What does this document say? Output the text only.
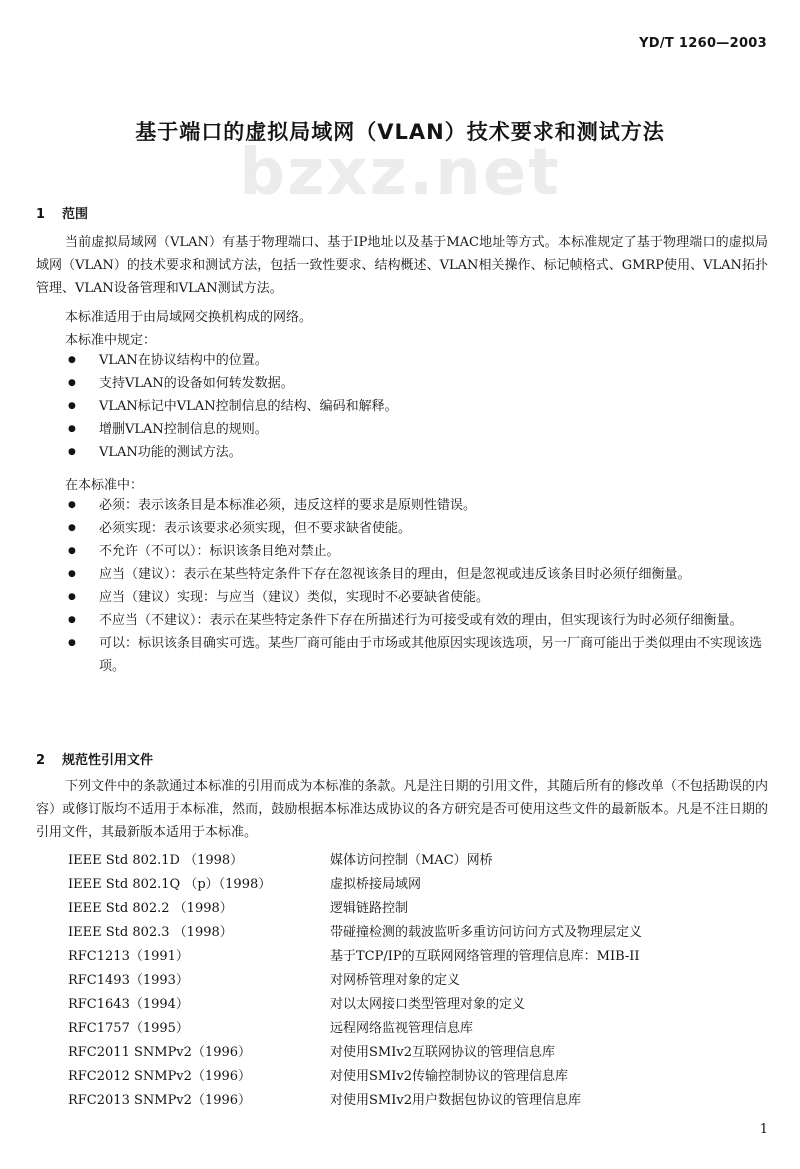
YD/T 1260—2003
bzxz.net
基于端口的虚拟局域网（VLAN）技术要求和测试方法
1 范围
当前虚拟局域网（VLAN）有基于物理端口、基于IP地址以及基于MAC地址等方式。本标准规定了基于物理端口的虚拟局域网（VLAN）的技术要求和测试方法，包括一致性要求、结构概述、VLAN相关操作、标记帧格式、GMRP使用、VLAN拓扑管理、VLAN设备管理和VLAN测试方法。
本标准适用于由局域网交换机构成的网络。
本标准中规定：
● VLAN在协议结构中的位置。
● 支持VLAN的设备如何转发数据。
● VLAN标记中VLAN控制信息的结构、编码和解释。
● 增删VLAN控制信息的规则。
● VLAN功能的测试方法。
在本标准中：
● 必须：表示该条目是本标准必须，违反这样的要求是原则性错误。
● 必须实现：表示该要求必须实现，但不要求缺省使能。
● 不允许（不可以）：标识该条目绝对禁止。
● 应当（建议）：表示在某些特定条件下存在忽视该条目的理由，但是忽视或违反该条目时必须仔细衡量。
● 应当（建议）实现：与应当（建议）类似，实现时不必要缺省使能。
● 不应当（不建议）：表示在某些特定条件下存在所描述行为可接受或有效的理由，但实现该行为时必须仔细衡量。
● 可以：标识该条目确实可选。某些厂商可能由于市场或其他原因实现该选项，另一厂商可能出于类似理由不实现该选项。
2 规范性引用文件
下列文件中的条款通过本标准的引用而成为本标准的条款。凡是注日期的引用文件，其随后所有的修改单（不包括勘误的内容）或修订版均不适用于本标准，然而，鼓励根据本标准达成协议的各方研究是否可使用这些文件的最新版本。凡是不注日期的引用文件，其最新版本适用于本标准。
IEEE Std 802.1D （1998）	媒体访问控制（MAC）网桥
IEEE Std 802.1Q （p）（1998）	虚拟桥接局域网
IEEE Std 802.2 （1998）	逻辑链路控制
IEEE Std 802.3 （1998）	带碰撞检测的载波监听多重访问访问方式及物理层定义
RFC1213（1991）	基于TCP/IP的互联网网络管理的管理信息库：MIB-II
RFC1493（1993）	对网桥管理对象的定义
RFC1643（1994）	对以太网接口类型管理对象的定义
RFC1757（1995）	远程网络监视管理信息库
RFC2011 SNMPv2（1996）	对使用SMIv2互联网协议的管理信息库
RFC2012 SNMPv2（1996）	对使用SMIv2传输控制协议的管理信息库
RFC2013 SNMPv2（1996）	对使用SMIv2用户数据包协议的管理信息库
1
